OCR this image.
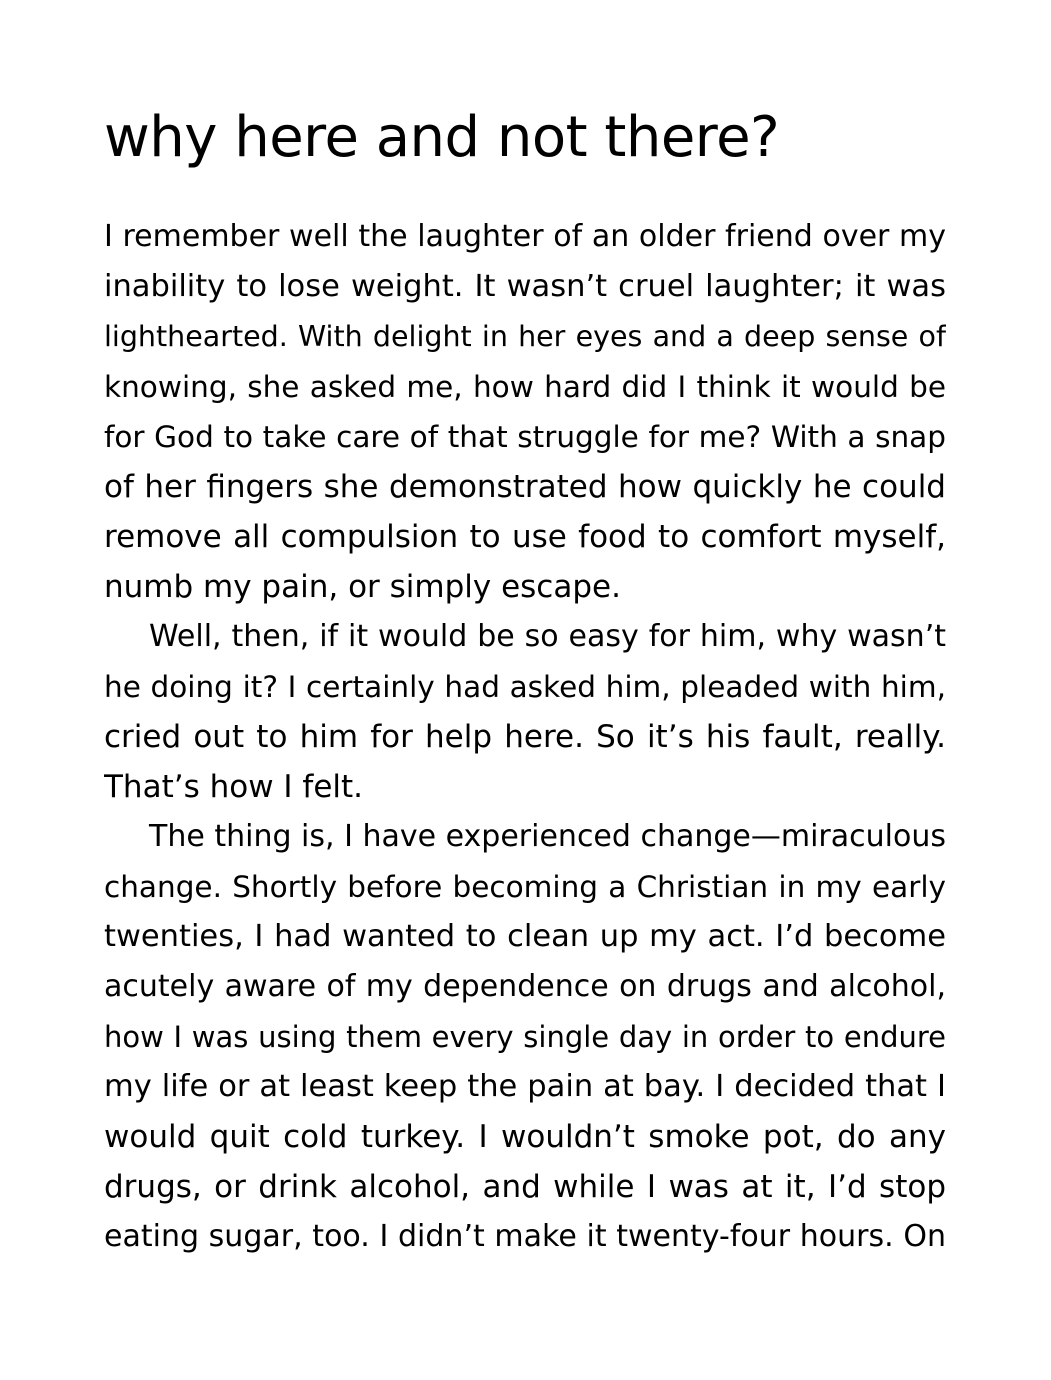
why here and not there?
I remember well the laughter of an older friend over my
inability to lose weight. It wasn’t cruel laughter; it was
lighthearted. With delight in her eyes and a deep sense of
knowing, she asked me, how hard did I think it would be
for God to take care of that struggle for me? With a snap
of her fingers she demonstrated how quickly he could
remove all compulsion to use food to comfort myself,
numb my pain, or simply escape.
Well, then, if it would be so easy for him, why wasn’t
he doing it? I certainly had asked him, pleaded with him,
cried out to him for help here. So it’s his fault, really.
That’s how I felt.
The thing is, I have experienced change—miraculous
change. Shortly before becoming a Christian in my early
twenties, I had wanted to clean up my act. I’d become
acutely aware of my dependence on drugs and alcohol,
how I was using them every single day in order to endure
my life or at least keep the pain at bay. I decided that I
would quit cold turkey. I wouldn’t smoke pot, do any
drugs, or drink alcohol, and while I was at it, I’d stop
eating sugar, too. I didn’t make it twenty-four hours. On
